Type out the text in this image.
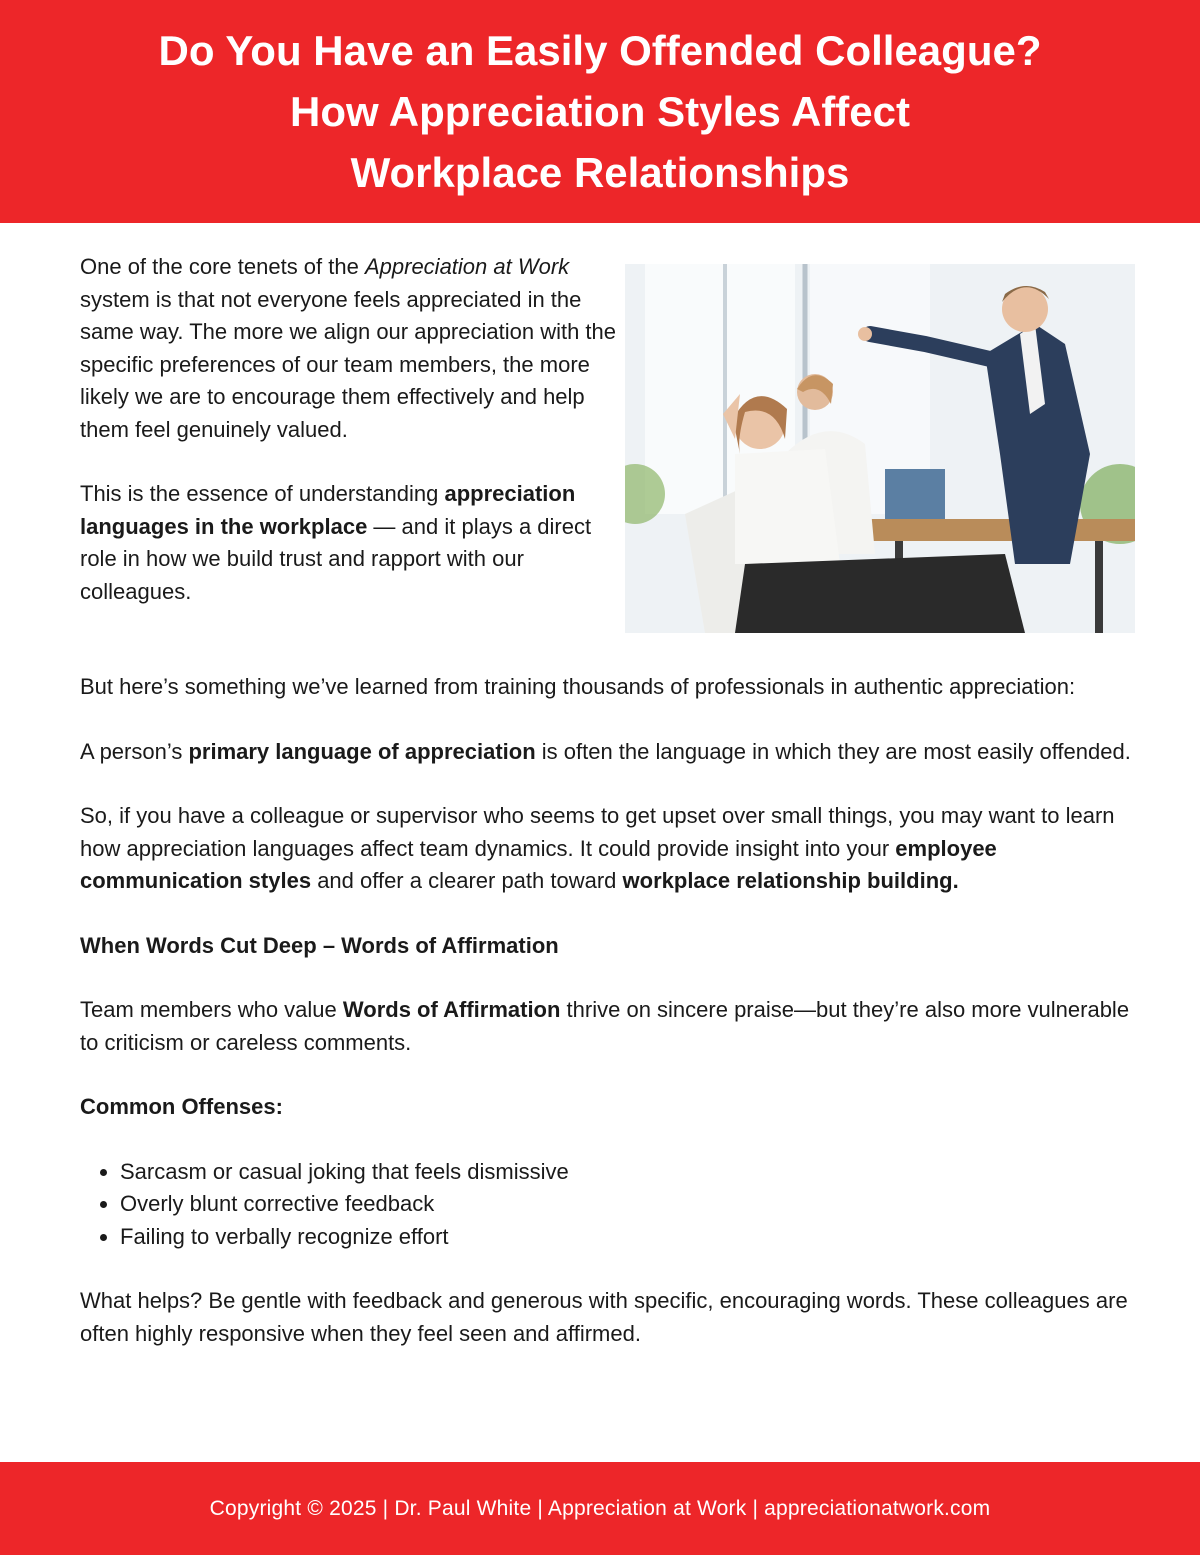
Do You Have an Easily Offended Colleague?
How Appreciation Styles Affect
Workplace Relationships

One of the core tenets of the Appreciation at Work system is that not everyone feels appreciated in the same way. The more we align our appreciation with the specific preferences of our team members, the more likely we are to encourage them effectively and help them feel genuinely valued.

This is the essence of understanding appreciation languages in the workplace — and it plays a direct role in how we build trust and rapport with our colleagues.

But here’s something we’ve learned from training thousands of professionals in authentic appreciation:

A person’s primary language of appreciation is often the language in which they are most easily offended.

So, if you have a colleague or supervisor who seems to get upset over small things, you may want to learn how appreciation languages affect team dynamics. It could provide insight into your employee communication styles and offer a clearer path toward workplace relationship building.

When Words Cut Deep – Words of Affirmation

Team members who value Words of Affirmation thrive on sincere praise—but they’re also more vulnerable to criticism or careless comments.

Common Offenses:

• Sarcasm or casual joking that feels dismissive
• Overly blunt corrective feedback
• Failing to verbally recognize effort

What helps? Be gentle with feedback and generous with specific, encouraging words. These colleagues are often highly responsive when they feel seen and affirmed.

Copyright © 2025 | Dr. Paul White | Appreciation at Work | appreciationatwork.com
